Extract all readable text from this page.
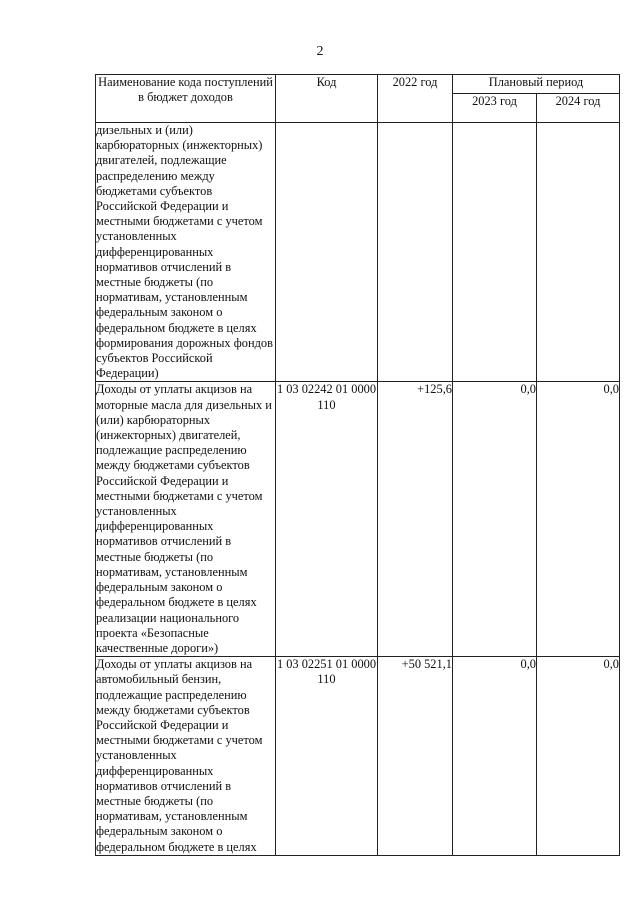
2
Наименование кода поступлений в бюджет доходов	Код	2022 год	Плановый период	
			2023 год	2024 год
дизельных и (или) карбюраторных (инжекторных) двигателей, подлежащие распределению между бюджетами субъектов Российской Федерации и местными бюджетами с учетом установленных дифференцированных нормативов отчислений в местные бюджеты (по нормативам, установленным федеральным законом о федеральном бюджете в целях формирования дорожных фондов субъектов Российской Федерации)				
Доходы от уплаты акцизов на моторные масла для дизельных и (или) карбюраторных (инжекторных) двигателей, подлежащие распределению между бюджетами субъектов Российской Федерации и местными бюджетами с учетом установленных дифференцированных нормативов отчислений в местные бюджеты (по нормативам, установленным федеральным законом о федеральном бюджете в целях реализации национального проекта «Безопасные качественные дороги»)	1 03 02242 01 0000 110	+125,6	0,0	0,0
Доходы от уплаты акцизов на автомобильный бензин, подлежащие распределению между бюджетами субъектов Российской Федерации и местными бюджетами с учетом установленных дифференцированных нормативов отчислений в местные бюджеты (по нормативам, установленным федеральным законом о федеральном бюджете в целях	1 03 02251 01 0000 110	+50 521,1	0,0	0,0
